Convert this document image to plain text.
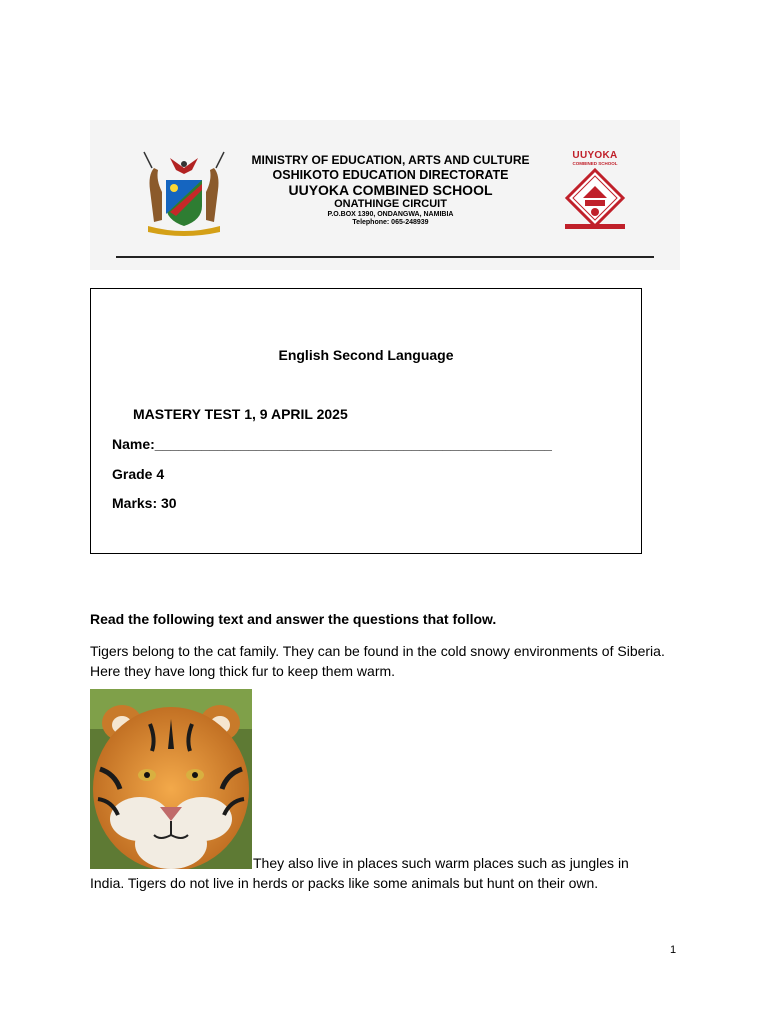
MINISTRY OF EDUCATION, ARTS AND CULTURE
OSHIKOTO EDUCATION DIRECTORATE
UUYOKA COMBINED SCHOOL
ONATHINGE CIRCUIT
P.O.BOX 1390, ONDANGWA, NAMIBIA
Telephone: 065-248939
UUYOKA
COMBINED SCHOOL
English Second Language
MASTERY TEST 1, 9 APRIL 2025
Name:___________________________________________________
Grade 4
Marks: 30
Read the following text and answer the questions that follow.
Tigers belong to the cat family. They can be found in the cold snowy environments of Siberia. Here they have long thick fur to keep them warm.
They also live in places such warm places such as jungles in
India. Tigers do not live in herds or packs like some animals but hunt on their own.
1
